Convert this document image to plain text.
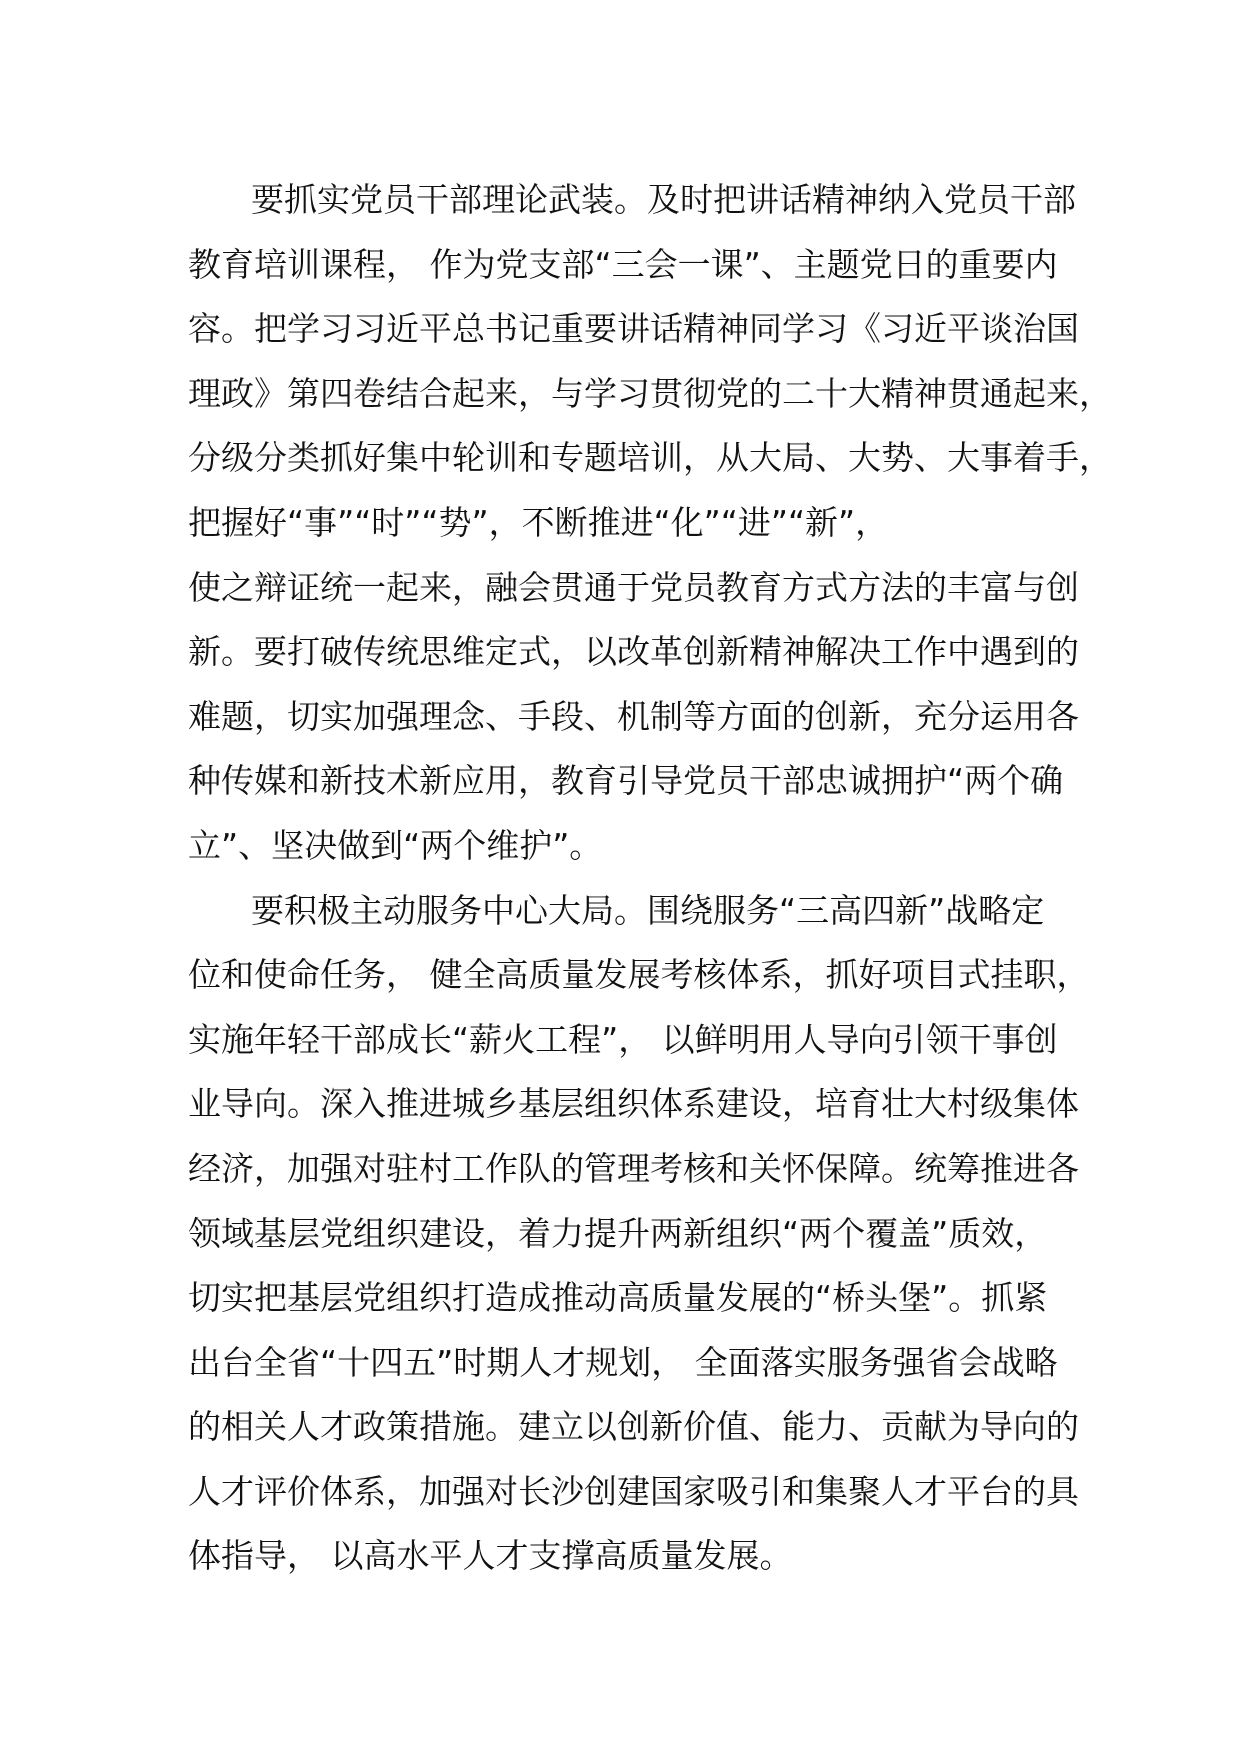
要抓实党员干部理论武装。及时把讲话精神纳入党员干部
教育培训课程， 作为党支部“三会一课”、主题党日的重要内
容。把学习习近平总书记重要讲话精神同学习《习近平谈治国
理政》第四卷结合起来，与学习贯彻党的二十大精神贯通起来，
分级分类抓好集中轮训和专题培训，从大局、大势、大事着手，
把握好“事”“时”“势”，不断推进“化”“进”“新”，
使之辩证统一起来，融会贯通于党员教育方式方法的丰富与创
新。要打破传统思维定式，以改革创新精神解决工作中遇到的
难题，切实加强理念、手段、机制等方面的创新，充分运用各
种传媒和新技术新应用，教育引导党员干部忠诚拥护“两个确
立”、坚决做到“两个维护”。
要积极主动服务中心大局。围绕服务“三高四新”战略定
位和使命任务， 健全高质量发展考核体系，抓好项目式挂职，
实施年轻干部成长“薪火工程”， 以鲜明用人导向引领干事创
业导向。深入推进城乡基层组织体系建设，培育壮大村级集体
经济，加强对驻村工作队的管理考核和关怀保障。统筹推进各
领域基层党组织建设，着力提升两新组织“两个覆盖”质效，
切实把基层党组织打造成推动高质量发展的“桥头堡”。抓紧
出台全省“十四五”时期人才规划， 全面落实服务强省会战略
的相关人才政策措施。建立以创新价值、能力、贡献为导向的
人才评价体系，加强对长沙创建国家吸引和集聚人才平台的具
体指导， 以高水平人才支撑高质量发展。
